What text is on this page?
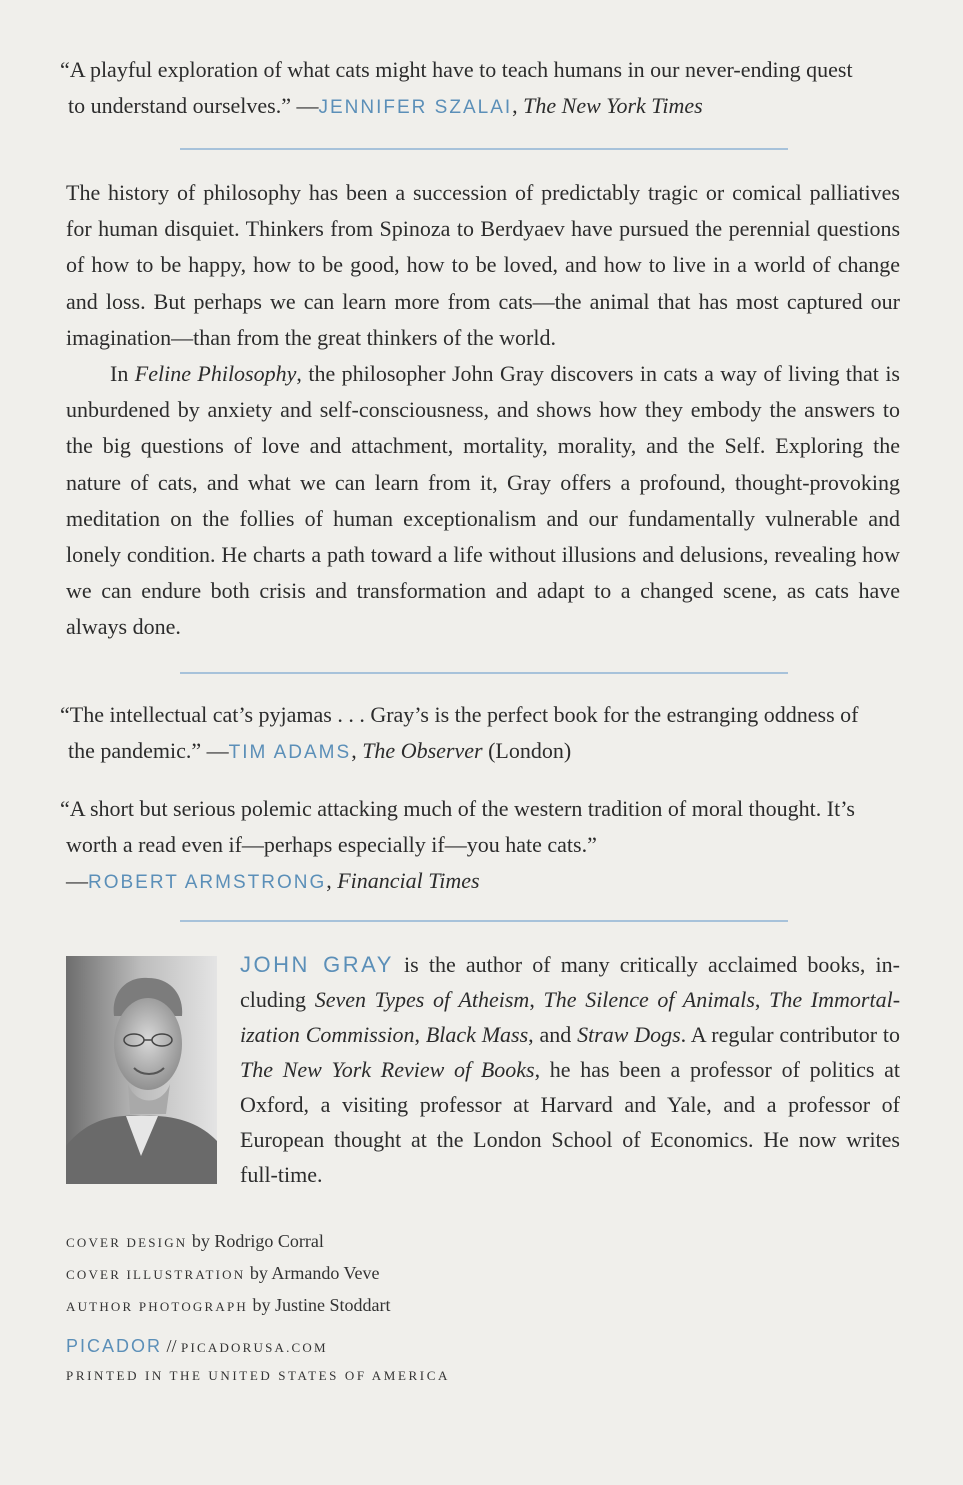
“A playful exploration of what cats might have to teach humans in our never-ending quest
to understand ourselves.” —JENNIFER SZALAI, The New York Times

The history of philosophy has been a succession of predictably tragic or comical palliatives for human disquiet. Thinkers from Spinoza to Berdyaev have pursued the perennial questions of how to be happy, how to be good, how to be loved, and how to live in a world of change and loss. But perhaps we can learn more from cats—the animal that has most captured our imagination—than from the great thinkers of the world.

In Feline Philosophy, the philosopher John Gray discovers in cats a way of living that is unburdened by anxiety and self-consciousness, and shows how they embody the answers to the big questions of love and attachment, mortality, morality, and the Self. Exploring the nature of cats, and what we can learn from it, Gray offers a profound, thought-provoking meditation on the follies of human exceptionalism and our fundamentally vulnerable and lonely condition. He charts a path toward a life without illusions and delusions, revealing how we can endure both crisis and transformation and adapt to a changed scene, as cats have always done.

“The intellectual cat’s pyjamas . . . Gray’s is the perfect book for the estranging oddness of
the pandemic.” —TIM ADAMS, The Observer (London)
“A short but serious polemic attacking much of the western tradition of moral thought. It’s
worth a read even if—perhaps especially if—you hate cats.”
—ROBERT ARMSTRONG, Financial Times
JOHN GRAY is the author of many critically acclaimed books, including Seven Types of Atheism, The Silence of Animals, The Immortalization Commission, Black Mass, and Straw Dogs. A regular contributor to The New York Review of Books, he has been a professor of politics at Oxford, a visiting professor at Harvard and Yale, and a professor of European thought at the London School of Economics. He now writes full-time.
COVER DESIGN by Rodrigo Corral
COVER ILLUSTRATION by Armando Veve
AUTHOR PHOTOGRAPH by Justine Stoddart
PICADOR // PICADORUSA.COM
PRINTED IN THE UNITED STATES OF AMERICA
